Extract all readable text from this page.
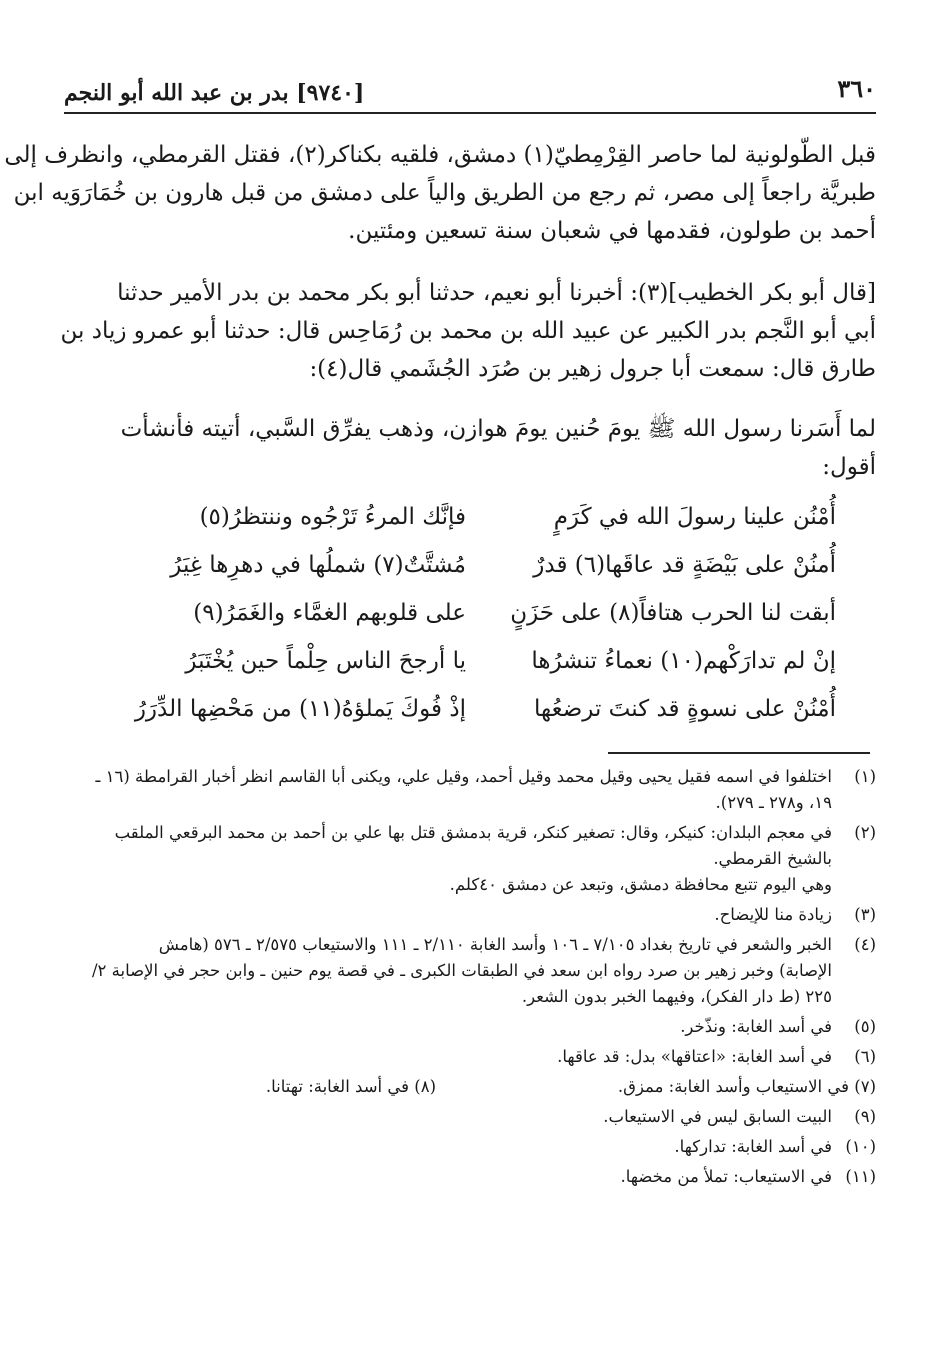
٣٦٠
[٩٧٤٠] بدر بن عبد الله أبو النجم

قبل الطّولونية لما حاصر القِرْمِطيّ(١) دمشق، فلقيه بكناكر(٢)، فقتل القرمطي، وانظرف إلى
طبريَّة راجعاً إلى مصر، ثم رجع من الطريق والياً على دمشق من قبل هارون بن خُمَارَوَيه ابن
أحمد بن طولون، فقدمها في شعبان سنة تسعين ومئتين.

[قال أبو بكر الخطيب](٣): أخبرنا أبو نعيم، حدثنا أبو بكر محمد بن بدر الأمير حدثنا
أبي أبو النَّجم بدر الكبير عن عبيد الله بن محمد بن رُمَاحِس قال: حدثنا أبو عمرو زياد بن
طارق قال: سمعت أبا جرول زهير بن صُرَد الجُشَمي قال(٤):

لما أَسَرنا رسول الله ﷺ يومَ حُنين يومَ هوازن، وذهب يفرِّق السَّبي، أتيته فأنشأت
أقول:

أُمْنُن علينا رسولَ الله في كَرَمٍ
فإنَّك المرءُ تَرْجُوه وننتظرُ(٥)
أُمنُنْ على بَيْضَةٍ قد عاقَها(٦) قدرٌ
مُشتَّتٌ(٧) شملُها في دهرِها غِيَرُ
أبقت لنا الحرب هتافاً(٨) على حَزَنٍ
على قلوبهم الغمَّاء والغَمَرُ(٩)
إنْ لم تدارَكْهم(١٠) نعماءُ تنشرُها
يا أرجحَ الناس حِلْماً حين يُخْتَبَرُ
أُمْنُنْ على نسوةٍ قد كنتَ ترضعُها
إذْ فُوكَ يَملؤهُ(١١) من مَحْضِها الدِّرَرُ
(١)
اختلفوا في اسمه فقيل يحيى وقيل محمد وقيل أحمد، وقيل علي، ويكنى أبا القاسم انظر أخبار القرامطة (١٦ ـ
١٩، و٢٧٨ ـ ٢٧٩).
(٢)
في معجم البلدان: كنيكر، وقال: تصغير كنكر، قرية بدمشق قتل بها علي بن أحمد بن محمد البرقعي الملقب
بالشيخ القرمطي.
وهي اليوم تتبع محافظة دمشق، وتبعد عن دمشق ٤٠كلم.
(٣)
زيادة منا للإيضاح.
(٤)
الخبر والشعر في تاريخ بغداد ٧/١٠٥ ـ ١٠٦ وأسد الغابة ٢/١١٠ ـ ١١١ والاستيعاب ٢/٥٧٥ ـ ٥٧٦ (هامش
الإصابة) وخبر زهير بن صرد رواه ابن سعد في الطبقات الكبرى ـ في قصة يوم حنين ـ وابن حجر في الإصابة ٢/
٢٢٥ (ط دار الفكر)، وفيهما الخبر بدون الشعر.
(٥)
في أسد الغابة: ونذّخر.
(٦)
في أسد الغابة: «اعتاقها» بدل: قد عاقها.
(٧) في الاستيعاب وأسد الغابة: ممزق.
(٨) في أسد الغابة: تهتانا.
(٩)
البيت السابق ليس في الاستيعاب.
(١٠)
في أسد الغابة: تداركها.
(١١)
في الاستيعاب: تملأ من مخضها.
